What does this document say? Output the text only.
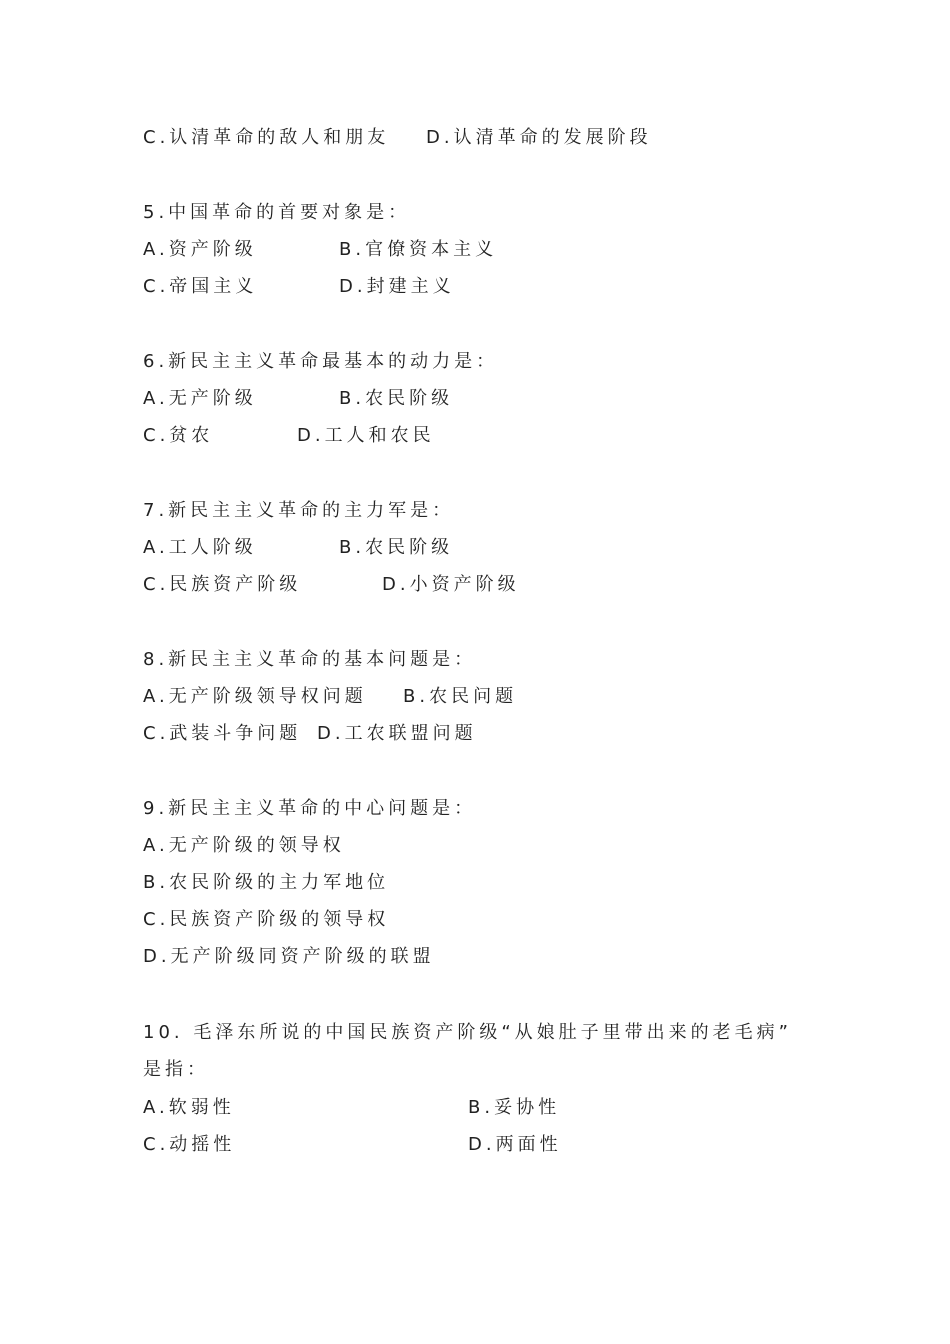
C.认清革命的敌人和朋友 D.认清革命的发展阶段
5.中国革命的首要对象是：
A.资产阶级	B.官僚资本主义
C.帝国主义	D.封建主义
6.新民主主义革命最基本的动力是：
A.无产阶级	B.农民阶级
C.贫农	D.工人和农民
7.新民主主义革命的主力军是：
A.工人阶级	B.农民阶级
C.民族资产阶级	D.小资产阶级
8.新民主主义革命的基本问题是：
A.无产阶级领导权问题 B.农民问题
C.武装斗争问题 D.工农联盟问题
9.新民主主义革命的中心问题是：
A.无产阶级的领导权
B.农民阶级的主力军地位
C.民族资产阶级的领导权
D.无产阶级同资产阶级的联盟
10. 毛泽东所说的中国民族资产阶级“从娘肚子里带出来的老毛病”
是指：
A.软弱性	B.妥协性
C.动摇性	D.两面性
